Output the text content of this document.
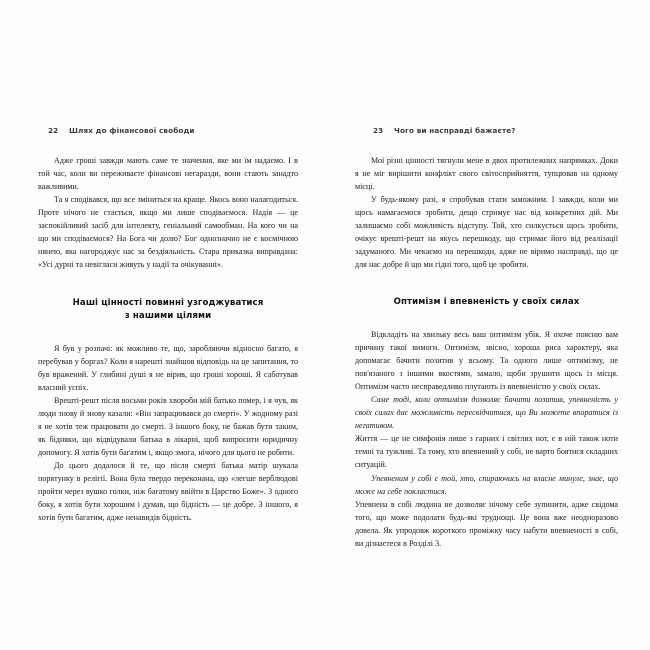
22 Шлях до фінансової свободи

Адже гроші завжди мають саме те значення, яке ми їм надаємо. І в той час, коли ви переживаєте фінансові негаразди, вони стають занадто важливими.

Та я сподівався, що все зміниться на краще. Якось воно налагодиться. Проте нічого не стається, якщо ми лише сподіваємося. Надія — це заспокійливий засіб для інтелекту, геніальний самообман. На кого чи на що ми сподіваємося? На Бога чи долю? Бог однозначно не є космічною нянею, яка нагороджує нас за бездіяльність. Стара приказка виправдана: «Усі дурні та невігласи живуть у надії та очікуванні».

Наші цінності повинні узгоджуватися
з нашими цілями

Я був у розпачі: як можливо те, що, заробляючи відносно багато, я перебував у боргах? Коли я нарешті знайшов відповідь на це запитання, то був вражений. У глибині душі я не вірив, що гроші хороші. Я саботував власний успіх.

Врешті-решт після восьми років хвороби мій батько помер, і я чув, як люди знову й знову казали: «Він запрацювався до смерті». У жодному разі я не хотів теж працювати до смерті. З іншого боку, не бажав бути таким, як бідняки, що відвідували батька в лікарні, щоб випросити юридичну допомогу. Я хотів бути багатим і, якщо змога, нічого для цього не робити.

До цього додалося й те, що після смерті батька матір шукала порятунку в релігії. Вона була твердо переконана, що «легше верблюдові пройти через вушко голки, ніж багатому ввійти в Царство Боже». З одного боку, я хотів бути хорошим і думав, що бідність — це добре. З іншого, я хотів бути багатим, адже ненавидів бідність.

23 Чого ви насправді бажаєте?

Мої різні цінності тягнули мене в двох протилежних напрямках. Доки я не міг вирішити конфлікт свого світосприйняття, тупцював на одному місці.

У будь-якому разі, я спробував стати заможним. І завжди, коли ми щось намагаємося зробити, дещо стримує нас від конкретних дій. Ми залишаємо собі можливість відступу. Той, хто силкується щось зробити, очікує врешті-решт на якусь перешкоду, що стримає його від реалізації задуманого. Ми чекаємо на перешкоди, адже не віримо насправді, що це для нас добре й що ми гідні того, щоб це зробити.

Оптимізм і впевненість у своїх силах

Відкладіть на хвильку весь ваш оптимізм убік. Я охоче поясню вам причину такої вимоги. Оптимізм, звісно, хороша риса характеру, яка допомагає бачити позитив у всьому. Та одного лише оптимізму, не пов'язаного з іншими якостями, замало, щоби зрушити щось із місця. Оптимізм часто несправедливо плутають із впевненістю у своїх силах.

Саме тоді, коли оптимізм дозволяє бачити позитив, упевненість у своїх силах дає можливість пересвідчитися, що Ви можете впоратися із негативом.

Життя — це не симфонія лише з гарних і світлих нот, є в ній також ноти темні та тужливі. Та тому, хто впевнений у собі, не варто боятися складних ситуацій.

Упевненим у собі є той, хто, спираючись на власне минуле, знає, що може на себе покластися.

Упевнена в собі людина не дозволяє нічому себе зупинити, адже свідома того, що може подолати будь-які труднощі. Це вона вже неодноразово довела. Як упродовж короткого проміжку часу набути впевненості в собі, ви дізнаєтеся в Розділі 3.
